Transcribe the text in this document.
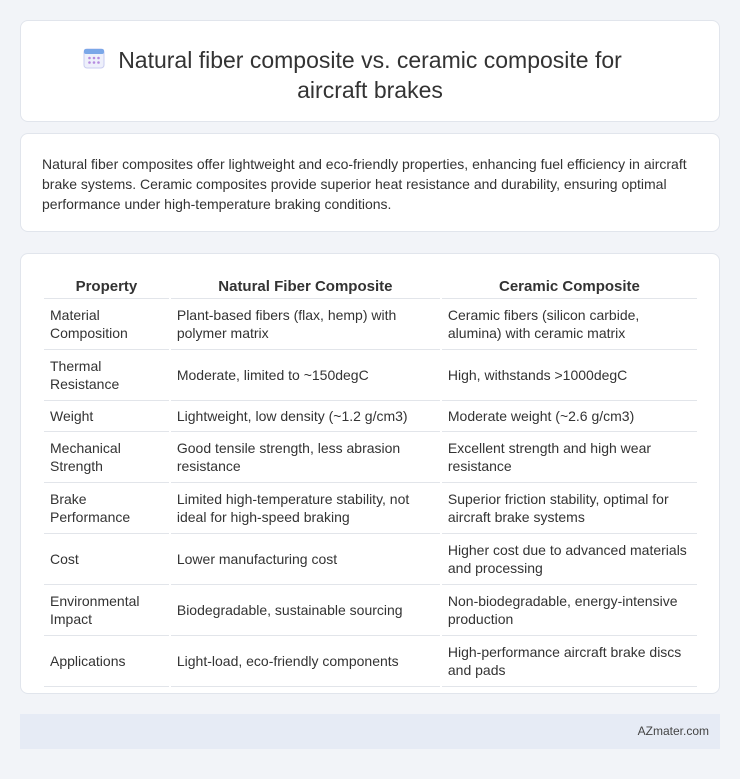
Natural fiber composite vs. ceramic composite for
aircraft brakes

Natural fiber composites offer lightweight and eco-friendly properties, enhancing fuel efficiency in aircraft brake systems. Ceramic composites provide superior heat resistance and durability, ensuring optimal performance under high-temperature braking conditions.

Property	Natural Fiber Composite	Ceramic Composite
Material Composition	Plant-based fibers (flax, hemp) with polymer matrix	Ceramic fibers (silicon carbide, alumina) with ceramic matrix
Thermal Resistance	Moderate, limited to ~150degC	High, withstands >1000degC
Weight	Lightweight, low density (~1.2 g/cm3)	Moderate weight (~2.6 g/cm3)
Mechanical Strength	Good tensile strength, less abrasion resistance	Excellent strength and high wear resistance
Brake Performance	Limited high-temperature stability, not ideal for high-speed braking	Superior friction stability, optimal for aircraft brake systems
Cost	Lower manufacturing cost	Higher cost due to advanced materials and processing
Environmental Impact	Biodegradable, sustainable sourcing	Non-biodegradable, energy-intensive production
Applications	Light-load, eco-friendly components	High-performance aircraft brake discs and pads
AZmater.com
